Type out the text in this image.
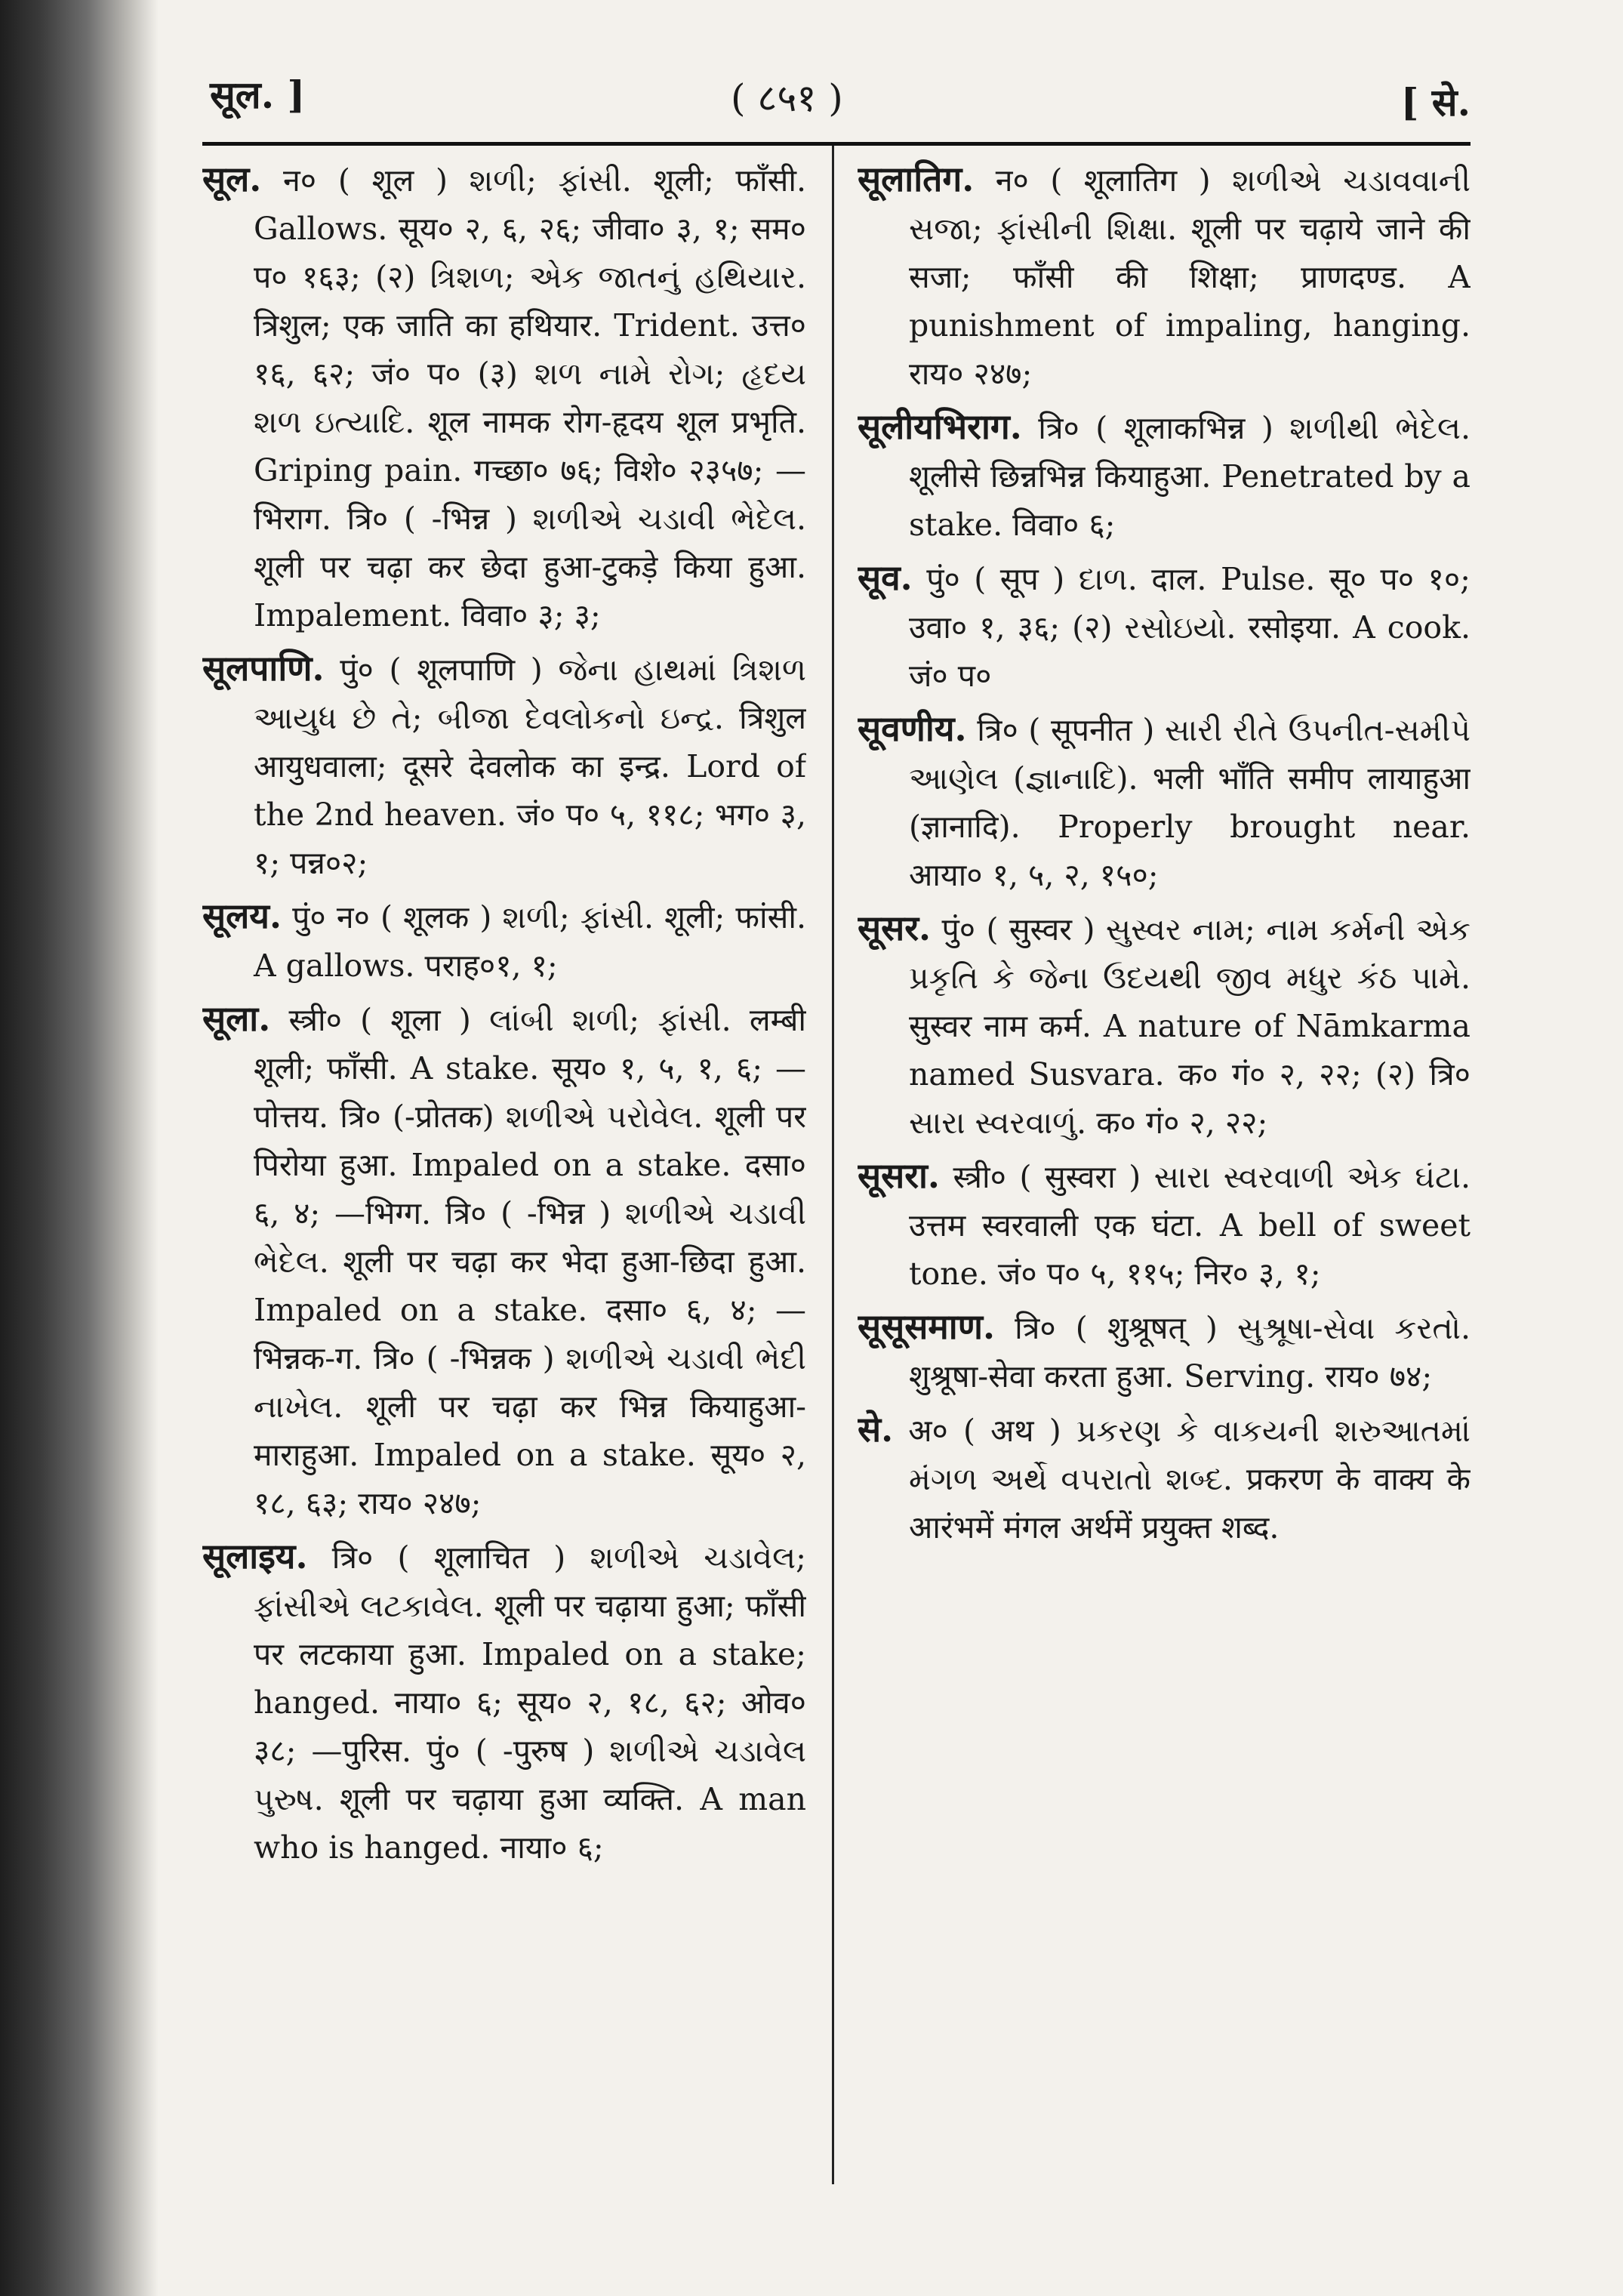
सूल. ]	( ८५१ )	[ से.
सूल. न० ( शूल ) શળી; ફાંસી. शूली; फाँसी. Gallows. सूय० २, ६, २६; जीवा० ३, १; सम० प० १६३; (२) ત્રિશળ; એક જાતનું હથિયાર. त्रिशुल; एक जाति का हथियार. Trident. उत्त० १६, ६२; जं० प० (३) શળ નામે રોગ; હૃદય શળ ઇત્યાદિ. शूल नामक रोग-हृदय शूल प्रभृति. Griping pain. गच्छा० ७६; विशे० २३५७; —भिराग. त्रि० ( -भिन्न ) શળીએ ચડાવી ભેદેલ. शूली पर चढ़ा कर छेदा हुआ-टुकड़े किया हुआ. Impalement. विवा० ३; ३;
सूलपाणि. पुं० ( शूलपाणि ) જેના હાથમાં ત્રિશળ આયુધ છે તે; બીજા દેવલોકનો ઇન્દ્ર. त्रिशुल आयुधवाला; दूसरे देवलोक का इन्द्र. Lord of the 2nd heaven. जं० प० ५, ११८; भग० ३, १; पन्न०२;
सूलय. पुं० न० ( शूलक ) શળી; ફાંસી. शूली; फांसी. A gallows. पराह०१, १;
सूला. स्त्री० ( शूला ) લાંબી શળી; ફાંસી. लम्बी शूली; फाँसी. A stake. सूय० १, ५, १, ६; —पोत्तय. त्रि० (-प्रोतक) શળીએ પરોવેલ. शूली पर पिरोया हुआ. Impaled on a stake. दसा० ६, ४; —भिग्ग. त्रि० ( -भिन्न ) શળીએ ચડાવી ભેદેલ. शूली पर चढ़ा कर भेदा हुआ-छिदा हुआ. Impaled on a stake. दसा० ६, ४; —भिन्नक-ग. त्रि० ( -भिन्नक ) શળીએ ચડાવી ભેદી નાખેલ. शूली पर चढ़ा कर भिन्न कियाहुआ-माराहुआ. Impaled on a stake. सूय० २, १८, ६३; राय० २४७;
सूलाइय. त्रि० ( शूलाचित ) શળીએ ચડાવેલ; ફાંસીએ લટકાવેલ. शूली पर चढ़ाया हुआ; फाँसी पर लटकाया हुआ. Impaled on a stake; hanged. नाया० ६; सूय० २, १८, ६२; ओव० ३८; —पुरिस. पुं० ( -पुरुष ) શળીએ ચડાવેલ પુરુષ. शूली पर चढ़ाया हुआ व्यक्ति. A man who is hanged. नाया० ६;
सूलातिग. न० ( शूलातिग ) શળીએ ચડાવવાની સજા; ફાંસીની શિક્ષા. शूली पर चढ़ाये जाने की सजा; फाँसी की शिक्षा; प्राणदण्ड. A punishment of impaling, hanging. राय० २४७;
सूलीयभिराग. त्रि० ( शूलाकभिन्न ) શળીથી ભેદેલ. शूलीसे छिन्नभिन्न कियाहुआ. Penetrated by a stake. विवा० ६;
सूव. पुं० ( सूप ) દાળ. दाल. Pulse. सू० प० १०; उवा० १, ३६; (२) રસોઇયો. रसोइया. A cook. जं० प०
सूवणीय. त्रि० ( सूपनीत ) સારી રીતે ઉપનીત-સમીપે આણેલ (જ્ઞાનાદિ). भली भाँति समीप लायाहुआ (ज्ञानादि). Properly brought near. आया० १, ५, २, १५०;
सूसर. पुं० ( सुस्वर ) સુસ્વર નામ; નામ કર્મની એક પ્રકૃતિ કે જેના ઉદયથી જીવ મધુર કંઠ પામે. सुस्वर नाम कर्म. A nature of Nāmkarma named Susvara. क० गं० २, २२; (२) त्रि० સારા સ્વરવાળું. क० गं० २, २२;
सूसरा. स्त्री० ( सुस्वरा ) સારા સ્વરવાળી એક ઘંટા. उत्तम स्वरवाली एक घंटा. A bell of sweet tone. जं० प० ५, ११५; निर० ३, १;
सूसूसमाण. त्रि० ( शुश्रूषत् ) સુશ્રૂષા-સેવા કરતો. शुश्रूषा-सेवा करता हुआ. Serving. राय० ७४;
से. अ० ( अथ ) પ્રકરણ કે વાકયની શરુઆતમાં મંગળ અર્થે વપરાતો શબ્દ. प्रकरण के वाक्य के आरंभमें मंगल अर्थमें प्रयुक्त शब्द.
